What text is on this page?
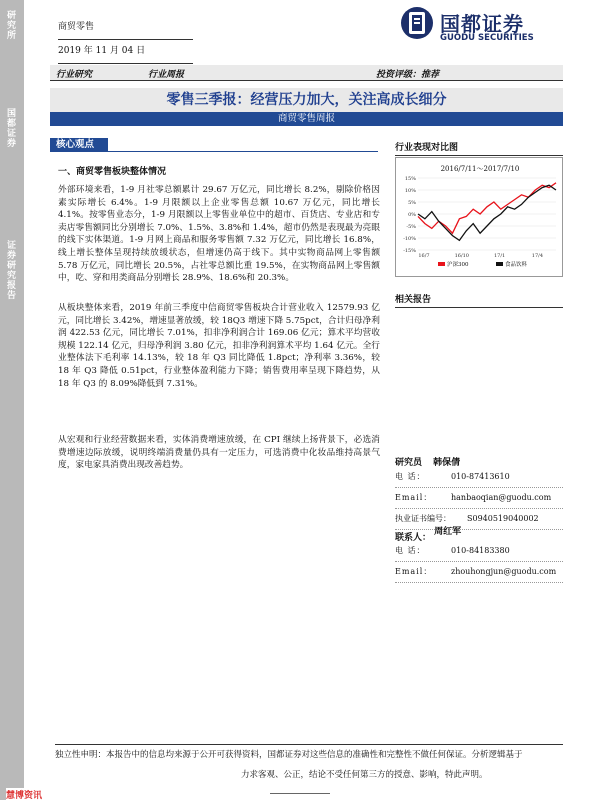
研究所
国都证券
证券研究报告
商贸零售
2019 年 11 月 04 日
国都证券
GUODU SECURITIES
行业研究	行业周报	投资评级：推荐
零售三季报：经营压力加大，关注高成长细分
商贸零售周报
核心观点
一、商贸零售板块整体情况
外部环境来看，1-9 月社零总额累计 29.67 万亿元，同比增长 8.2%，剔除价格因素实际增长 6.4%。1-9 月限额以上企业零售总额 10.67 万亿元，同比增长 4.1%。按零售业态分，1-9 月限额以上零售业单位中的超市、百货店、专业店和专卖店零售额同比分别增长 7.0%、1.5%、3.8%和 1.4%，超市仍然是表现最为亮眼的线下实体渠道。1-9 月网上商品和服务零售额 7.32 万亿元，同比增长 16.8%，线上增长整体呈现持续放缓状态，但增速仍高于线下。其中实物商品网上零售额 5.78 万亿元，同比增长 20.5%，占社零总额比重 19.5%，在实物商品网上零售额中，吃、穿和用类商品分别增长 28.9%、18.6%和 20.3%。
从板块整体来看，2019 年前三季度中信商贸零售板块合计营业收入 12579.93 亿元，同比增长 3.42%，增速显著放缓，较 18Q3 增速下降 5.75pct，合计归母净利润 422.53 亿元，同比增长 7.01%，扣非净利润合计 169.06 亿元；算术平均营收规模 122.14 亿元，归母净利润 3.80 亿元，扣非净利润算术平均 1.64 亿元。全行业整体法下毛利率 14.13%，较 18 年 Q3 同比降低 1.8pct；净利率 3.36%，较 18 年 Q3 降低 0.51pct，行业整体盈利能力下降；销售费用率呈现下降趋势，从 18 年 Q3 的 8.09%降低到 7.31%。
从宏观和行业经营数据来看，实体消费增速放缓，在 CPI 继续上扬背景下，必选消费增速边际放缓，说明终端消费量仍具有一定压力，可选消费中化妆品维持高景气度，家电家具消费出现改善趋势。
行业表现对比图
2016/7/11～2017/7/10
15%
10%
5%
0%
-5%
-10%
-15%
16/7	16/10	17/1	17/4
沪深300	食品饮料
相关报告
研究员 韩保倩
电 话：	010-87413610
Email： hanbaoqian@guodu.com
执业证书编号： S0940519040002
联系人： 周红军
电 话：	010-84183380
Email： zhouhongjun@guodu.com
独立性申明：本报告中的信息均来源于公开可获得资料，国都证券对这些信息的准确性和完整性不做任何保证。分析逻辑基于
力求客观、公正，结论不受任何第三方的授意、影响，特此声明。
慧博资讯
